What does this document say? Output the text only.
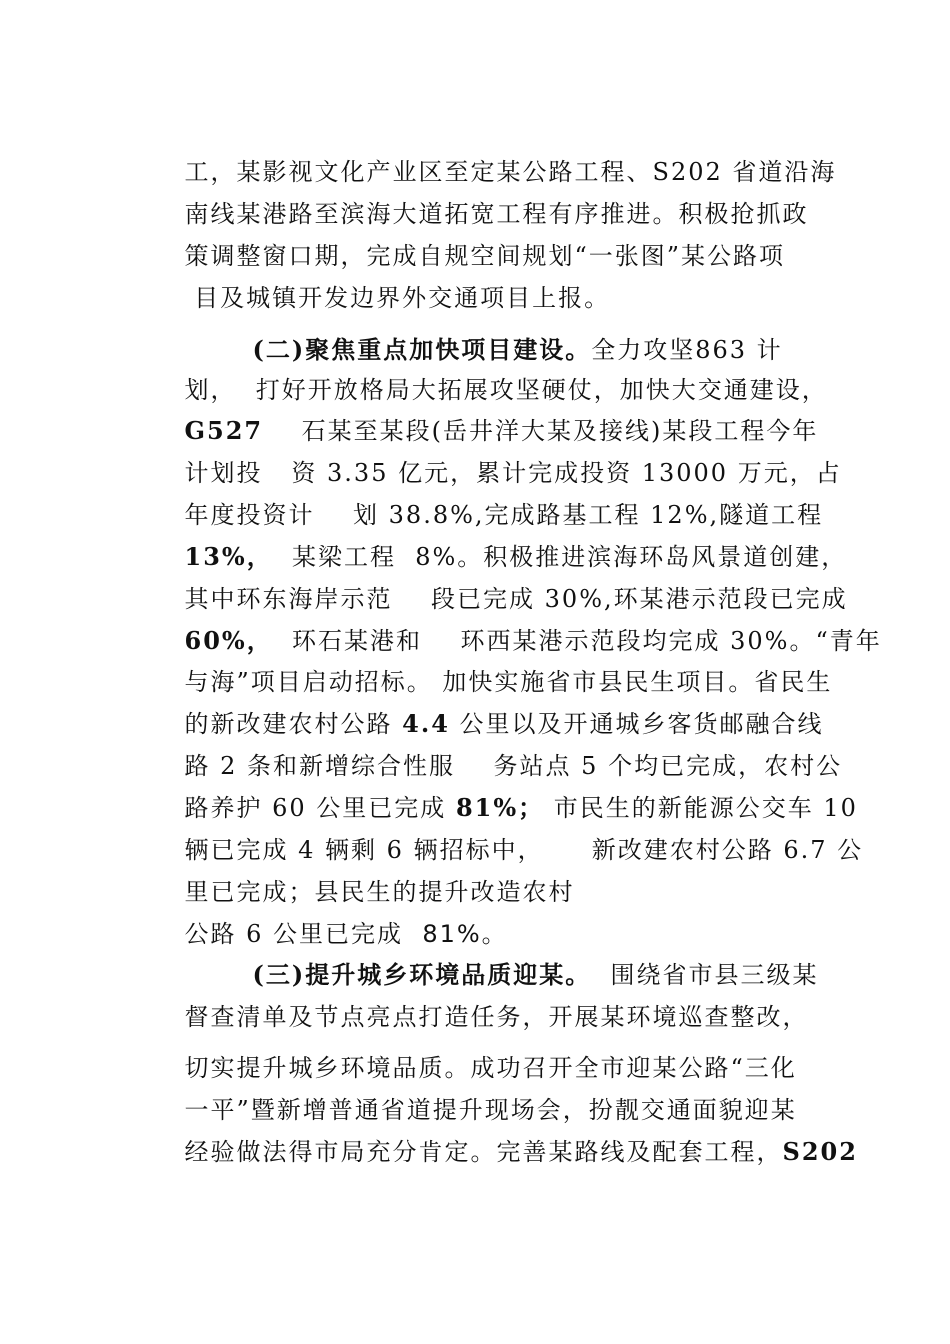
工，某影视文化产业区至定某公路工程、S202 省道沿海

南线某港路至滨海大道拓宽工程有序推进。积极抢抓政

策调整窗口期，完成自规空间规划“一张图”某公路项

目及城镇开发边界外交通项目上报。

(二)聚焦重点加快项目建设。全力攻坚863 计

划，  打好开放格局大拓展攻坚硬仗，加快大交通建设，

G527    石某至某段(岳井洋大某及接线)某段工程今年

计划投   资 3.35 亿元，累计完成投资 13000 万元，占

年度投资计    划 38.8%,完成路基工程 12%,隧道工程

13%，  某梁工程  8%。积极推进滨海环岛风景道创建，

其中环东海岸示范    段已完成 30%,环某港示范段已完成

60%，  环石某港和    环西某港示范段均完成 30%。“青年

与海”项目启动招标。 加快实施省市县民生项目。省民生

的新改建农村公路 4.4 公里以及开通城乡客货邮融合线

路 2 条和新增综合性服    务站点 5 个均已完成，农村公

路养护 60 公里已完成 81%； 市民生的新能源公交车 10

辆已完成 4 辆剩 6 辆招标中，     新改建农村公路 6.7 公

里已完成；县民生的提升改造农村

公路 6 公里已完成  81%。

(三)提升城乡环境品质迎某。  围绕省市县三级某

督查清单及节点亮点打造任务，开展某环境巡查整改，

切实提升城乡环境品质。成功召开全市迎某公路“三化

一平”暨新增普通省道提升现场会，扮靓交通面貌迎某

经验做法得市局充分肯定。完善某路线及配套工程，S202
